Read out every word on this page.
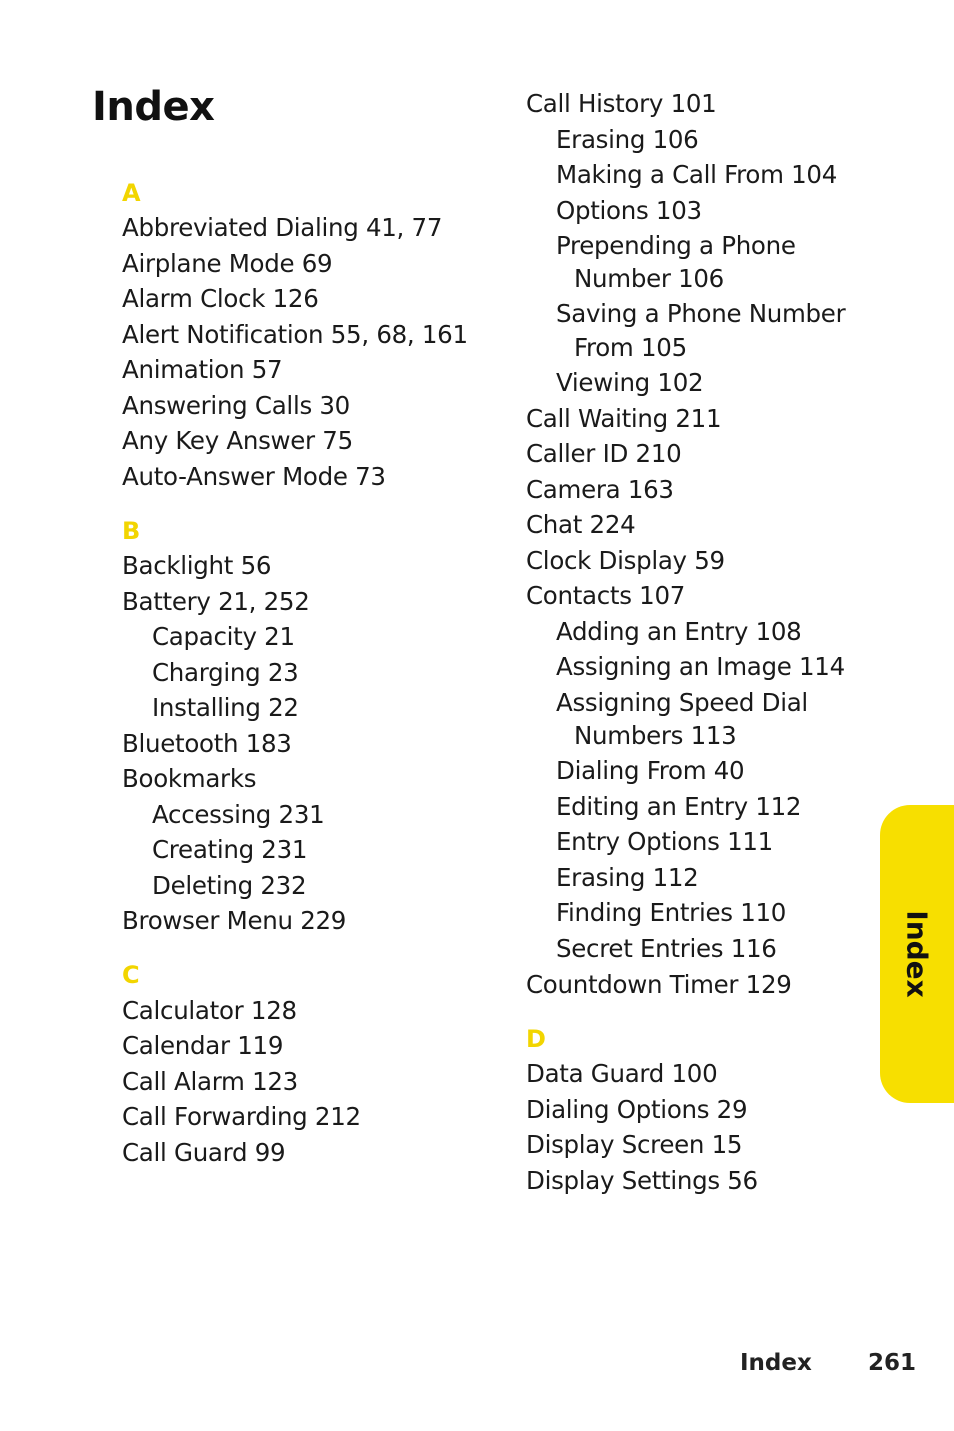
Index
A
Abbreviated Dialing 41, 77
Airplane Mode 69
Alarm Clock 126
Alert Notification 55, 68, 161
Animation 57
Answering Calls 30
Any Key Answer 75
Auto-Answer Mode 73
B
Backlight 56
Battery 21, 252
Capacity 21
Charging 23
Installing 22
Bluetooth 183
Bookmarks
Accessing 231
Creating 231
Deleting 232
Browser Menu 229
C
Calculator 128
Calendar 119
Call Alarm 123
Call Forwarding 212
Call Guard 99
Call History 101
Erasing 106
Making a Call From 104
Options 103
Prepending a Phone
Number 106
Saving a Phone Number
From 105
Viewing 102
Call Waiting 211
Caller ID 210
Camera 163
Chat 224
Clock Display 59
Contacts 107
Adding an Entry 108
Assigning an Image 114
Assigning Speed Dial
Numbers 113
Dialing From 40
Editing an Entry 112
Entry Options 111
Erasing 112
Finding Entries 110
Secret Entries 116
Countdown Timer 129
D
Data Guard 100
Dialing Options 29
Display Screen 15
Display Settings 56
Index
Index 261
